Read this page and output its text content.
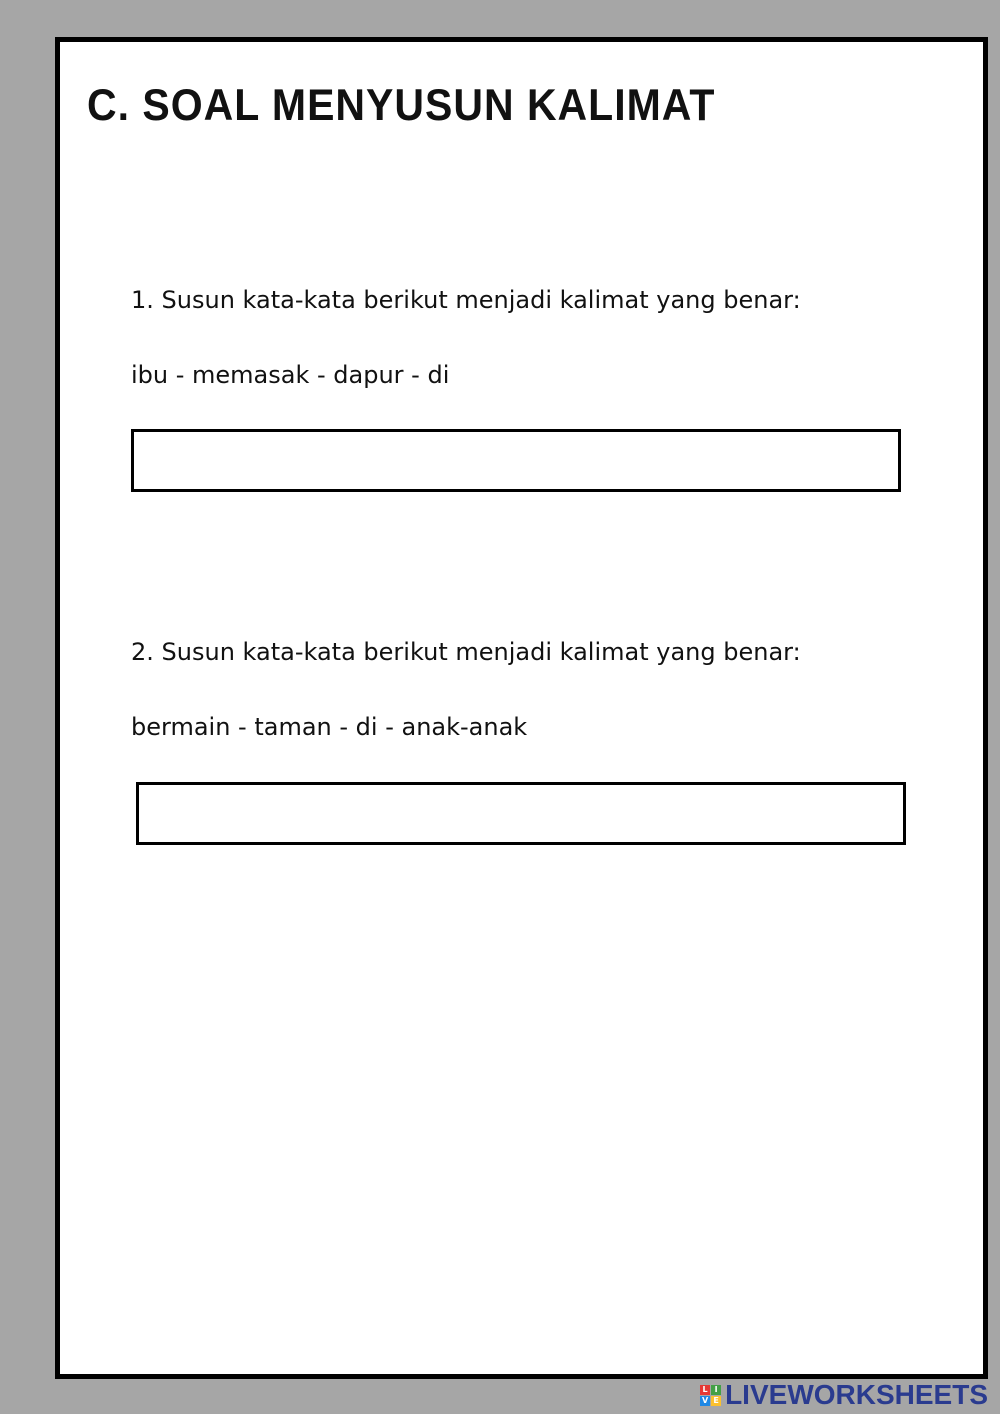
C. SOAL MENYUSUN KALIMAT
1. Susun kata-kata berikut menjadi kalimat yang benar:
ibu - memasak - dapur - di
2. Susun kata-kata berikut menjadi kalimat yang benar:
bermain - taman - di - anak-anak
L I
V E LIVEWORKSHEETS
